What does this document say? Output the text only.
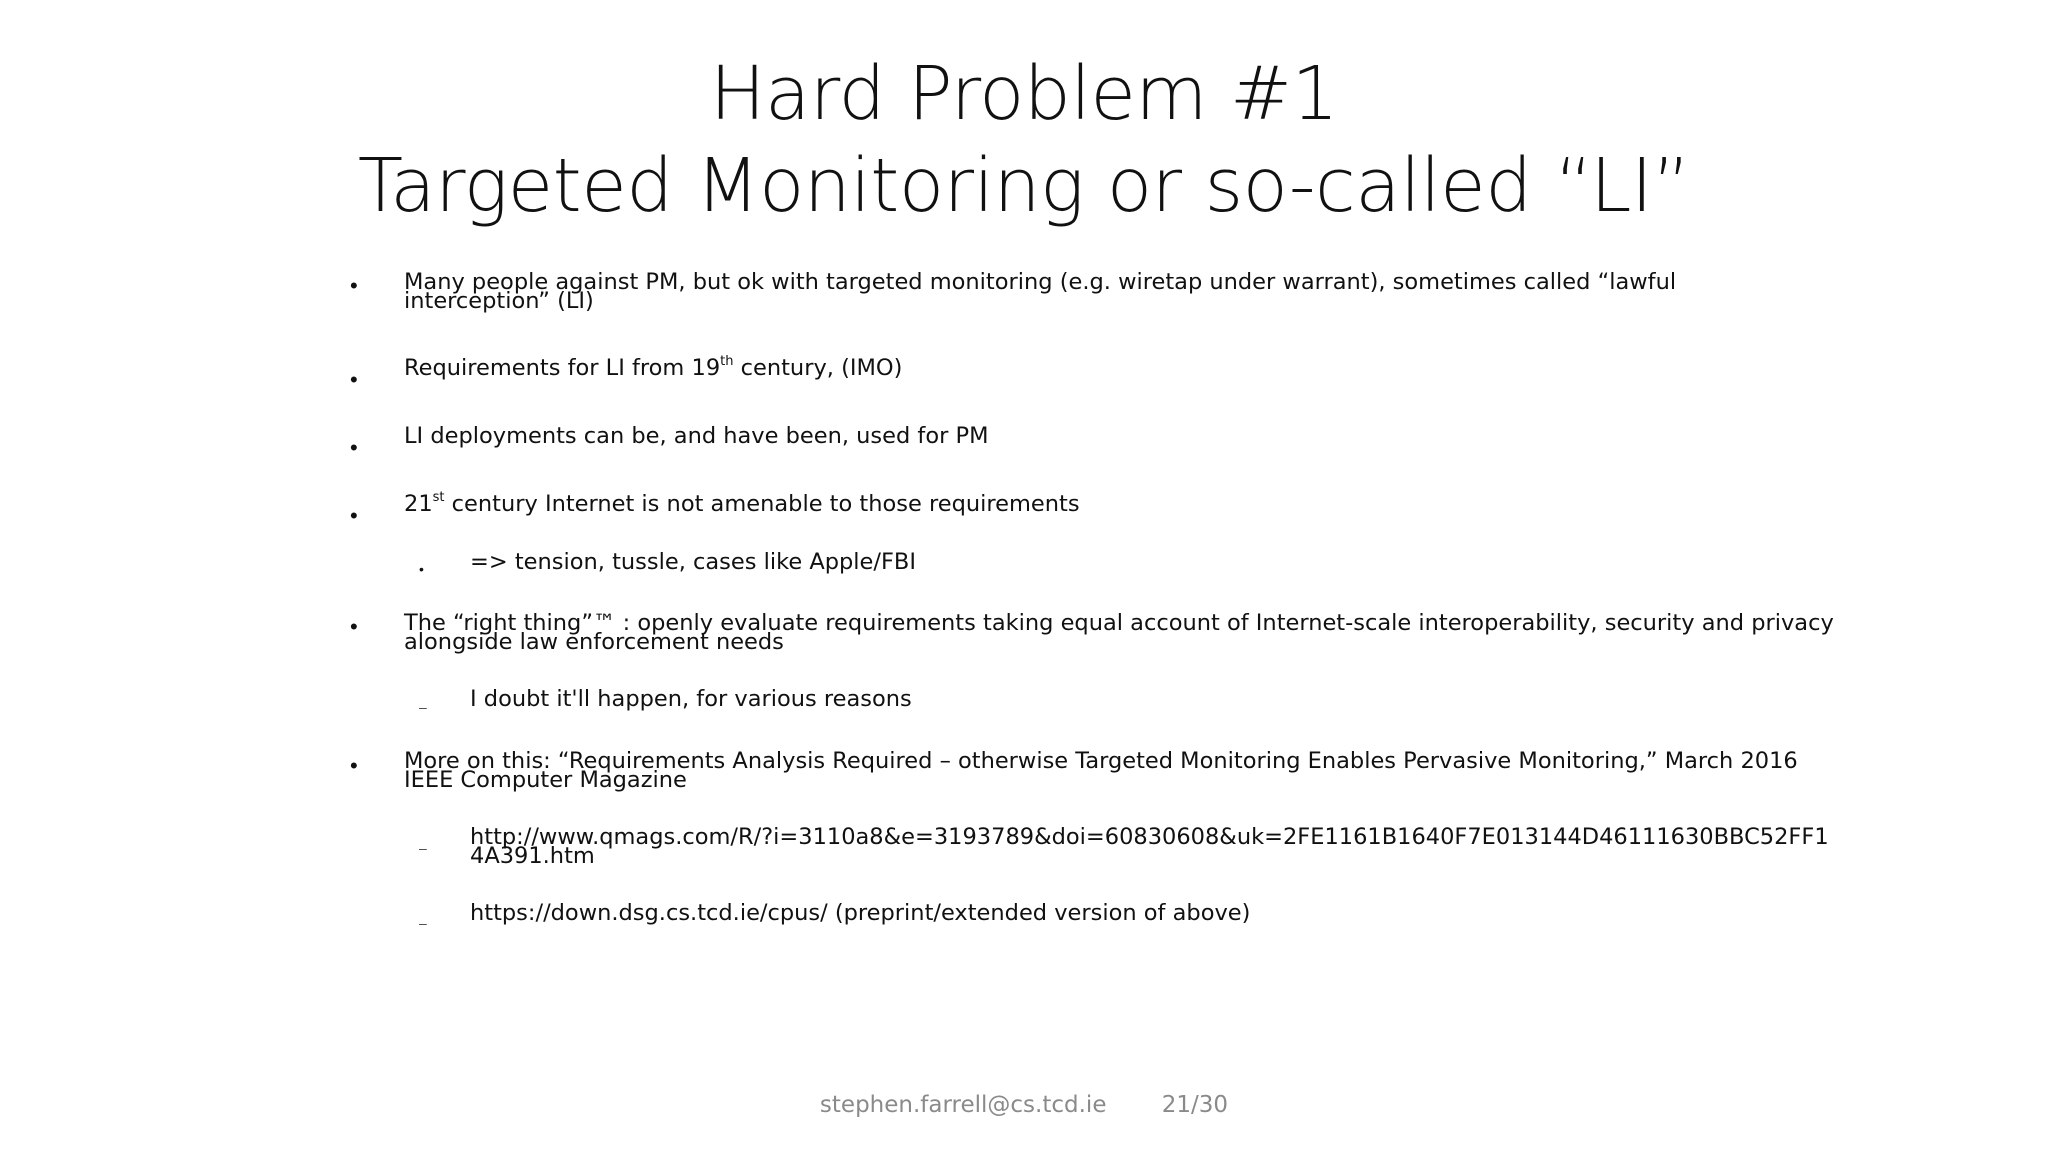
Hard Problem #1
Targeted Monitoring or so-called “LI”
•
Many people against PM, but ok with targeted monitoring (e.g. wiretap under warrant), sometimes called “lawful
interception” (LI)
•
Requirements for LI from 19th century, (IMO)
•
LI deployments can be, and have been, used for PM
•
21st century Internet is not amenable to those requirements
•
=> tension, tussle, cases like Apple/FBI
•
The “right thing”™ : openly evaluate requirements taking equal account of Internet-scale interoperability, security and privacy
alongside law enforcement needs
–
I doubt it'll happen, for various reasons
•
More on this: “Requirements Analysis Required – otherwise Targeted Monitoring Enables Pervasive Monitoring,” March 2016
IEEE Computer Magazine
–
http://www.qmags.com/R/?i=3110a8&e=3193789&doi=60830608&uk=2FE1161B1640F7E013144D46111630BBC52FF1
4A391.htm
–
https://down.dsg.cs.tcd.ie/cpus/ (preprint/extended version of above)
stephen.farrell@cs.tcd.ie 21/30
